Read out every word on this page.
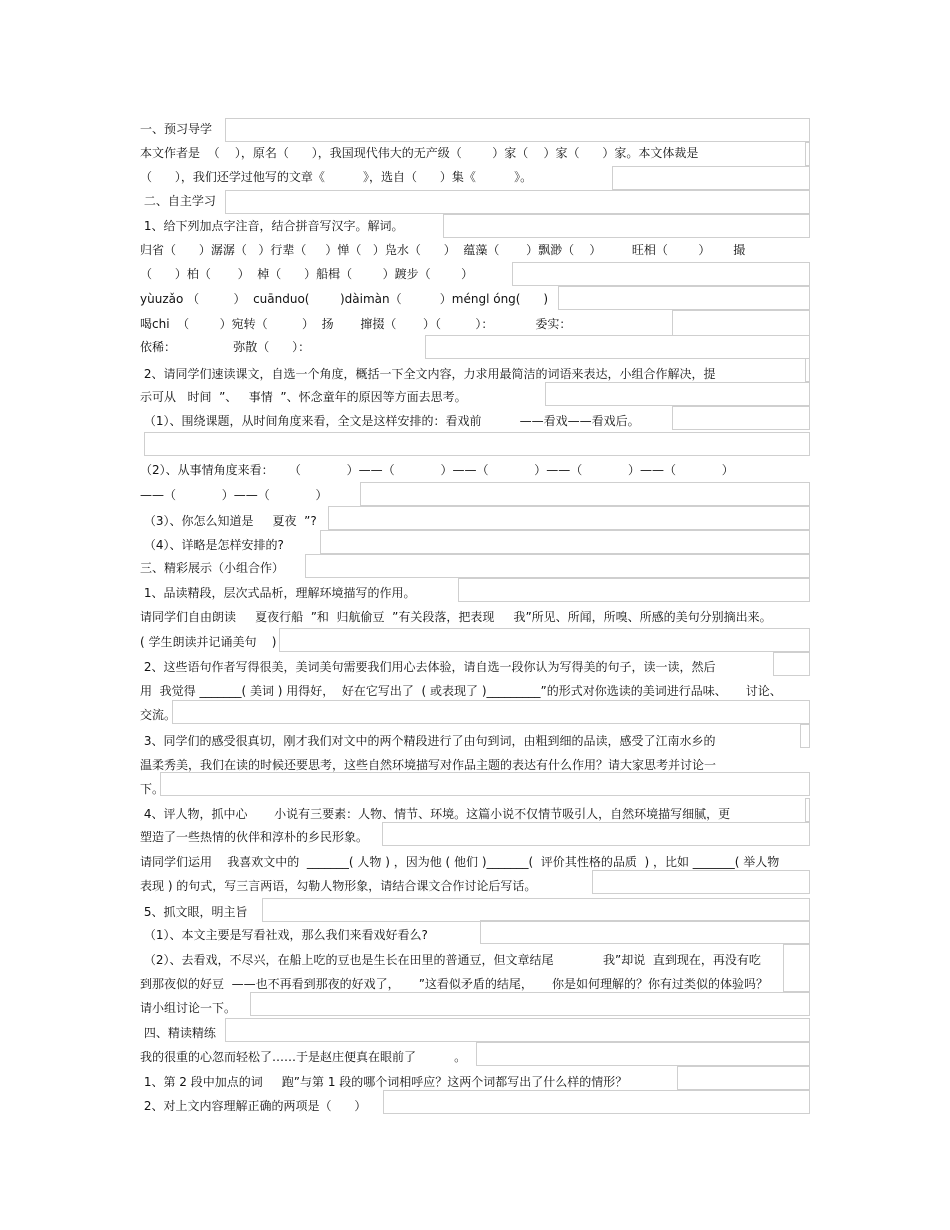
一、预习导学
本文作者是  （    ），原名（      ），我国现代伟大的无产级（        ）家（    ）家（      ）家。本文体裁是
（      ），我们还学过他写的文章《          》，选自（      ）集《          》。
二、自主学习
1、给下列加点字注音，结合拼音写汉字。解词。
归省（      ）潺潺（   ）行辈（     ）惮（   ）凫水（      ）  蕴藻（       ）飘渺（    ）        旺相（        ）      撮
（      ）柏（       ）  棹（      ）船楫（        ）踱步（        ）
yùuzǎo （         ）  cuānduo(        )dàimàn（          ）méngl óng(      )
喝chi  （        ）宛转（         ）  扬       撺掇（       ）（         ）：           委实：
依稀：               弥散（      ）：
2、请同学们速读课文，自选一个角度，概括一下全文内容，力求用最简洁的词语来表达，小组合作解决，提
示可从   时间  ”、   事情  ”、怀念童年的原因等方面去思考。
（1）、围绕课题，从时间角度来看，全文是这样安排的：看戏前          ——看戏——看戏后。
（2）、从事情角度来看：    （            ）——（            ）——（            ）——（            ）——（            ）
——（            ）——（            ）
（3）、你怎么知道是     夏夜  ”?
（4）、详略是怎样安排的?
三、精彩展示（小组合作）
1、品读精段，层次式品析，理解环境描写的作用。
请同学们自由朗读     夏夜行船  ”和  归航偷豆  ”有关段落，把表现     我”所见、所闻，所嗅、所感的美句分别摘出来。
( 学生朗读并记诵美句    )
2、这些语句作者写得很美，美词美句需要我们用心去体验，请自选一段你认为写得美的句子，读一读，然后
用  我觉得 _______( 美词 ) 用得好，  好在它写出了  ( 或表现了 )_________”的形式对你选读的美词进行品味、     讨论、
交流。
3、同学们的感受很真切，刚才我们对文中的两个精段进行了由句到词，由粗到细的品读，感受了江南水乡的
温柔秀美，我们在读的时候还要思考，这些自然环境描写对作品主题的表达有什么作用？请大家思考并讨论一
下。
4、评人物，抓中心       小说有三要素：人物、情节、环境。这篇小说不仅情节吸引人，自然环境描写细腻，更
塑造了一些热情的伙伴和淳朴的乡民形象。
请同学们运用    我喜欢文中的  _______( 人物 ) ，因为他 ( 他们 )_______(  评价其性格的品质  ) ，比如 _______( 举人物
表现 ) 的句式，写三言两语，勾勒人物形象，请结合课文合作讨论后写话。
5、抓文眼，明主旨
（1）、本文主要是写看社戏，那么我们来看戏好看么?
（2）、去看戏，不尽兴，在船上吃的豆也是生长在田里的普通豆，但文章结尾             我”却说  直到现在，再没有吃
到那夜似的好豆  ——也不再看到那夜的好戏了，     ”这看似矛盾的结尾，     你是如何理解的？你有过类似的体验吗？
请小组讨论一下。
四、精读精练
我的很重的心忽而轻松了……于是赵庄便真在眼前了          。
1、第 2 段中加点的词     跑”与第 1 段的哪个词相呼应？这两个词都写出了什么样的情形？
2、对上文内容理解正确的两项是（      ）
